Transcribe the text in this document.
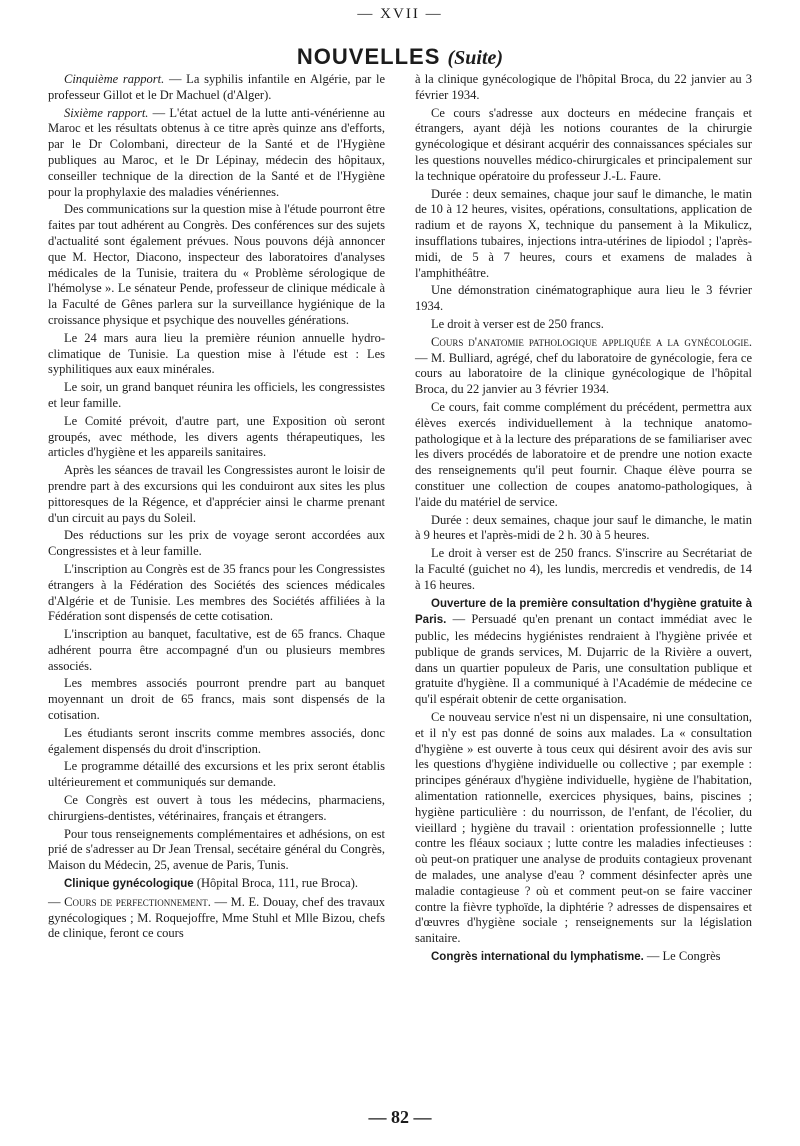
— XVII —
NOUVELLES (Suite)

Cinquième rapport. — La syphilis infantile en Algérie, par le professeur Gillot et le Dr Machuel (d'Alger).

Sixième rapport. — L'état actuel de la lutte anti-vénérienne au Maroc et les résultats obtenus à ce titre après quinze ans d'efforts, par le Dr Colombani, directeur de la Santé et de l'Hygiène publiques au Maroc, et le Dr Lépinay, médecin des hôpitaux, conseiller technique de la direction de la Santé et de l'Hygiène pour la prophylaxie des maladies vénériennes.

Des communications sur la question mise à l'étude pourront être faites par tout adhérent au Congrès. Des conférences sur des sujets d'actualité sont également prévues. Nous pouvons déjà annoncer que M. Hector, Diacono, inspecteur des laboratoires d'analyses médicales de la Tunisie, traitera du « Problème sérologique de l'hémolyse ». Le sénateur Pende, professeur de clinique médicale à la Faculté de Gênes parlera sur la surveillance hygiénique de la croissance physique et psychique des nouvelles générations.

Le 24 mars aura lieu la première réunion annuelle hydro-climatique de Tunisie. La question mise à l'étude est : Les syphilitiques aux eaux minérales.

Le soir, un grand banquet réunira les officiels, les congressistes et leur famille.

Le Comité prévoit, d'autre part, une Exposition où seront groupés, avec méthode, les divers agents thérapeutiques, les articles d'hygiène et les appareils sanitaires.

Après les séances de travail les Congressistes auront le loisir de prendre part à des excursions qui les conduiront aux sites les plus pittoresques de la Régence, et d'apprécier ainsi le charme prenant d'un circuit au pays du Soleil.

Des réductions sur les prix de voyage seront accordées aux Congressistes et à leur famille.

L'inscription au Congrès est de 35 francs pour les Congressistes étrangers à la Fédération des Sociétés des sciences médicales d'Algérie et de Tunisie. Les membres des Sociétés affiliées à la Fédération sont dispensés de cette cotisation.

L'inscription au banquet, facultative, est de 65 francs. Chaque adhérent pourra être accompagné d'un ou plusieurs membres associés.

Les membres associés pourront prendre part au banquet moyennant un droit de 65 francs, mais sont dispensés de la cotisation.

Les étudiants seront inscrits comme membres associés, donc également dispensés du droit d'inscription.

Le programme détaillé des excursions et les prix seront établis ultérieurement et communiqués sur demande.

Ce Congrès est ouvert à tous les médecins, pharmaciens, chirurgiens-dentistes, vétérinaires, français et étrangers.

Pour tous renseignements complémentaires et adhésions, on est prié de s'adresser au Dr Jean Trensal, secétaire général du Congrès, Maison du Médecin, 25, avenue de Paris, Tunis.

Clinique gynécologique (Hôpital Broca, 111, rue Broca).

— Cours de perfectionnement. — M. E. Douay, chef des travaux gynécologiques ; M. Roquejoffre, Mme Stuhl et Mlle Bizou, chefs de clinique, feront ce cours

à la clinique gynécologique de l'hôpital Broca, du 22 janvier au 3 février 1934.

Ce cours s'adresse aux docteurs en médecine français et étrangers, ayant déjà les notions courantes de la chirurgie gynécologique et désirant acquérir des connaissances spéciales sur les questions nouvelles médico-chirurgicales et principalement sur la technique opératoire du professeur J.-L. Faure.

Durée : deux semaines, chaque jour sauf le dimanche, le matin de 10 à 12 heures, visites, opérations, consultations, application de radium et de rayons X, technique du pansement à la Mikulicz, insufflations tubaires, injections intra-utérines de lipiodol ; l'après-midi, de 5 à 7 heures, cours et examens de malades à l'amphithéâtre.

Une démonstration cinématographique aura lieu le 3 février 1934.

Le droit à verser est de 250 francs.

Cours d'anatomie pathologique appliquée a la gynécologie. — M. Bulliard, agrégé, chef du laboratoire de gynécologie, fera ce cours au laboratoire de la clinique gynécologique de l'hôpital Broca, du 22 janvier au 3 février 1934.

Ce cours, fait comme complément du précédent, permettra aux élèves exercés individuellement à la technique anatomo-pathologique et à la lecture des préparations de se familiariser avec les divers procédés de laboratoire et de prendre une notion exacte des renseignements qu'il peut fournir. Chaque élève pourra se constituer une collection de coupes anatomo-pathologiques, à l'aide du matériel de service.

Durée : deux semaines, chaque jour sauf le dimanche, le matin à 9 heures et l'après-midi de 2 h. 30 à 5 heures.

Le droit à verser est de 250 francs. S'inscrire au Secrétariat de la Faculté (guichet no 4), les lundis, mercredis et vendredis, de 14 à 16 heures.

Ouverture de la première consultation d'hygiène gratuite à Paris. — Persuadé qu'en prenant un contact immédiat avec le public, les médecins hygiénistes rendraient à l'hygiène privée et publique de grands services, M. Dujarric de la Rivière a ouvert, dans un quartier populeux de Paris, une consultation publique et gratuite d'hygiène. Il a communiqué à l'Académie de médecine ce qu'il espérait obtenir de cette organisation.

Ce nouveau service n'est ni un dispensaire, ni une consultation, et il n'y est pas donné de soins aux malades. La « consultation d'hygiène » est ouverte à tous ceux qui désirent avoir des avis sur les questions d'hygiène individuelle ou collective ; par exemple : principes généraux d'hygiène individuelle, hygiène de l'habitation, alimentation rationnelle, exercices physiques, bains, piscines ; hygiène particulière : du nourrisson, de l'enfant, de l'écolier, du vieillard ; hygiène du travail : orientation professionnelle ; lutte contre les fléaux sociaux ; lutte contre les maladies infectieuses : où peut-on pratiquer une analyse de produits contagieux provenant de malades, une analyse d'eau ? comment désinfecter après une maladie contagieuse ? où et comment peut-on se faire vacciner contre la fièvre typhoïde, la diphtérie ? adresses de dispensaires et d'œuvres d'hygiène sociale ; renseignements sur la législation sanitaire.

Congrès international du lymphatisme. — Le Congrès

— 82 —
